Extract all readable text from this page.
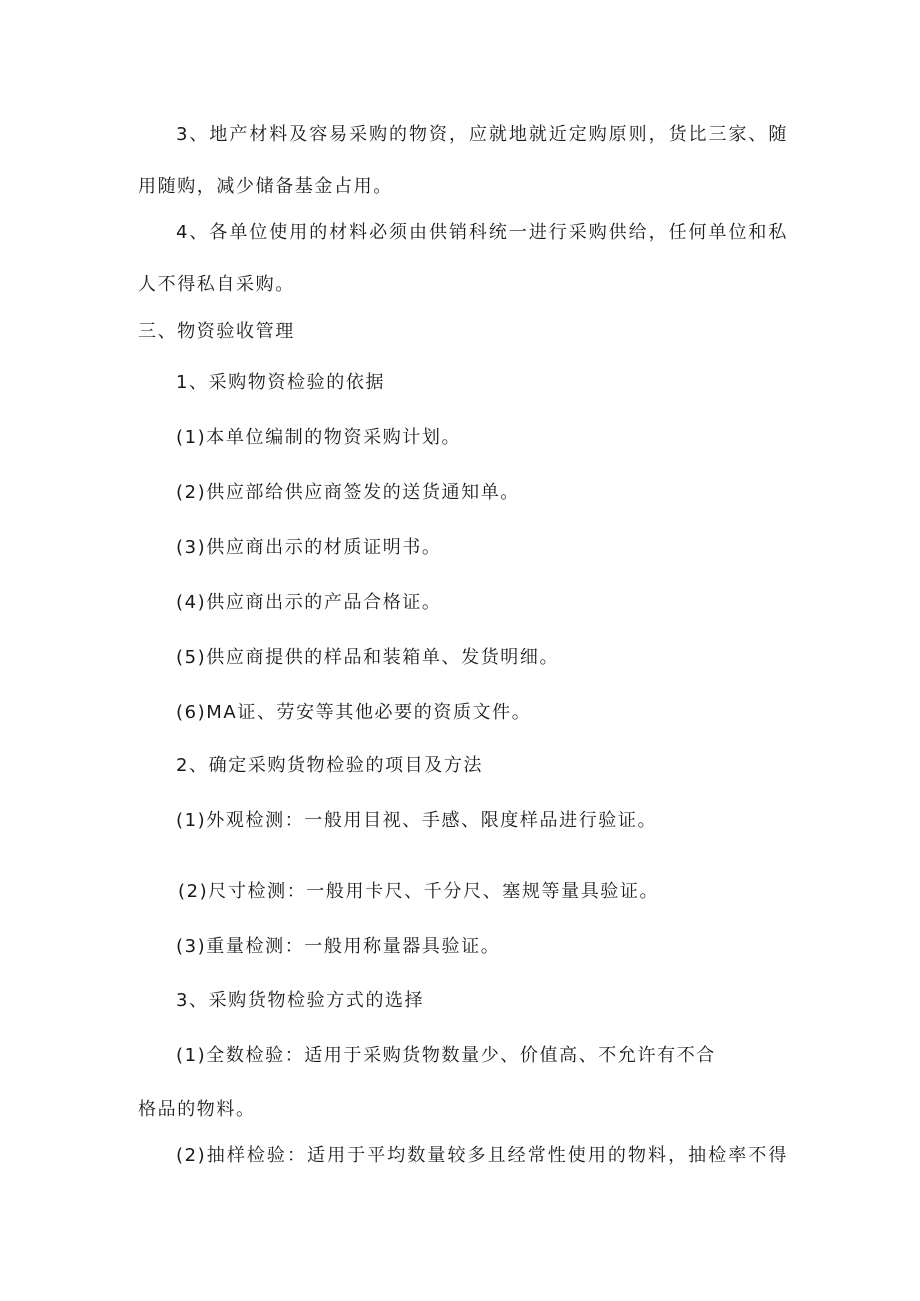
3、地产材料及容易采购的物资，应就地就近定购原则，货比三家、随
用随购，减少储备基金占用。
4、各单位使用的材料必须由供销科统一进行采购供给，任何单位和私
人不得私自采购。
三、物资验收管理
1、采购物资检验的依据
(1)本单位编制的物资采购计划。
(2)供应部给供应商签发的送货通知单。
(3)供应商出示的材质证明书。
(4)供应商出示的产品合格证。
(5)供应商提供的样品和装箱单、发货明细。
(6)MA证、劳安等其他必要的资质文件。
2、确定采购货物检验的项目及方法
(1)外观检测：一般用目视、手感、限度样品进行验证。
(2)尺寸检测：一般用卡尺、千分尺、塞规等量具验证。
(3)重量检测：一般用称量器具验证。
3、采购货物检验方式的选择
(1)全数检验：适用于采购货物数量少、价值高、不允许有不合
格品的物料。
(2)抽样检验：适用于平均数量较多且经常性使用的物料，抽检率不得
